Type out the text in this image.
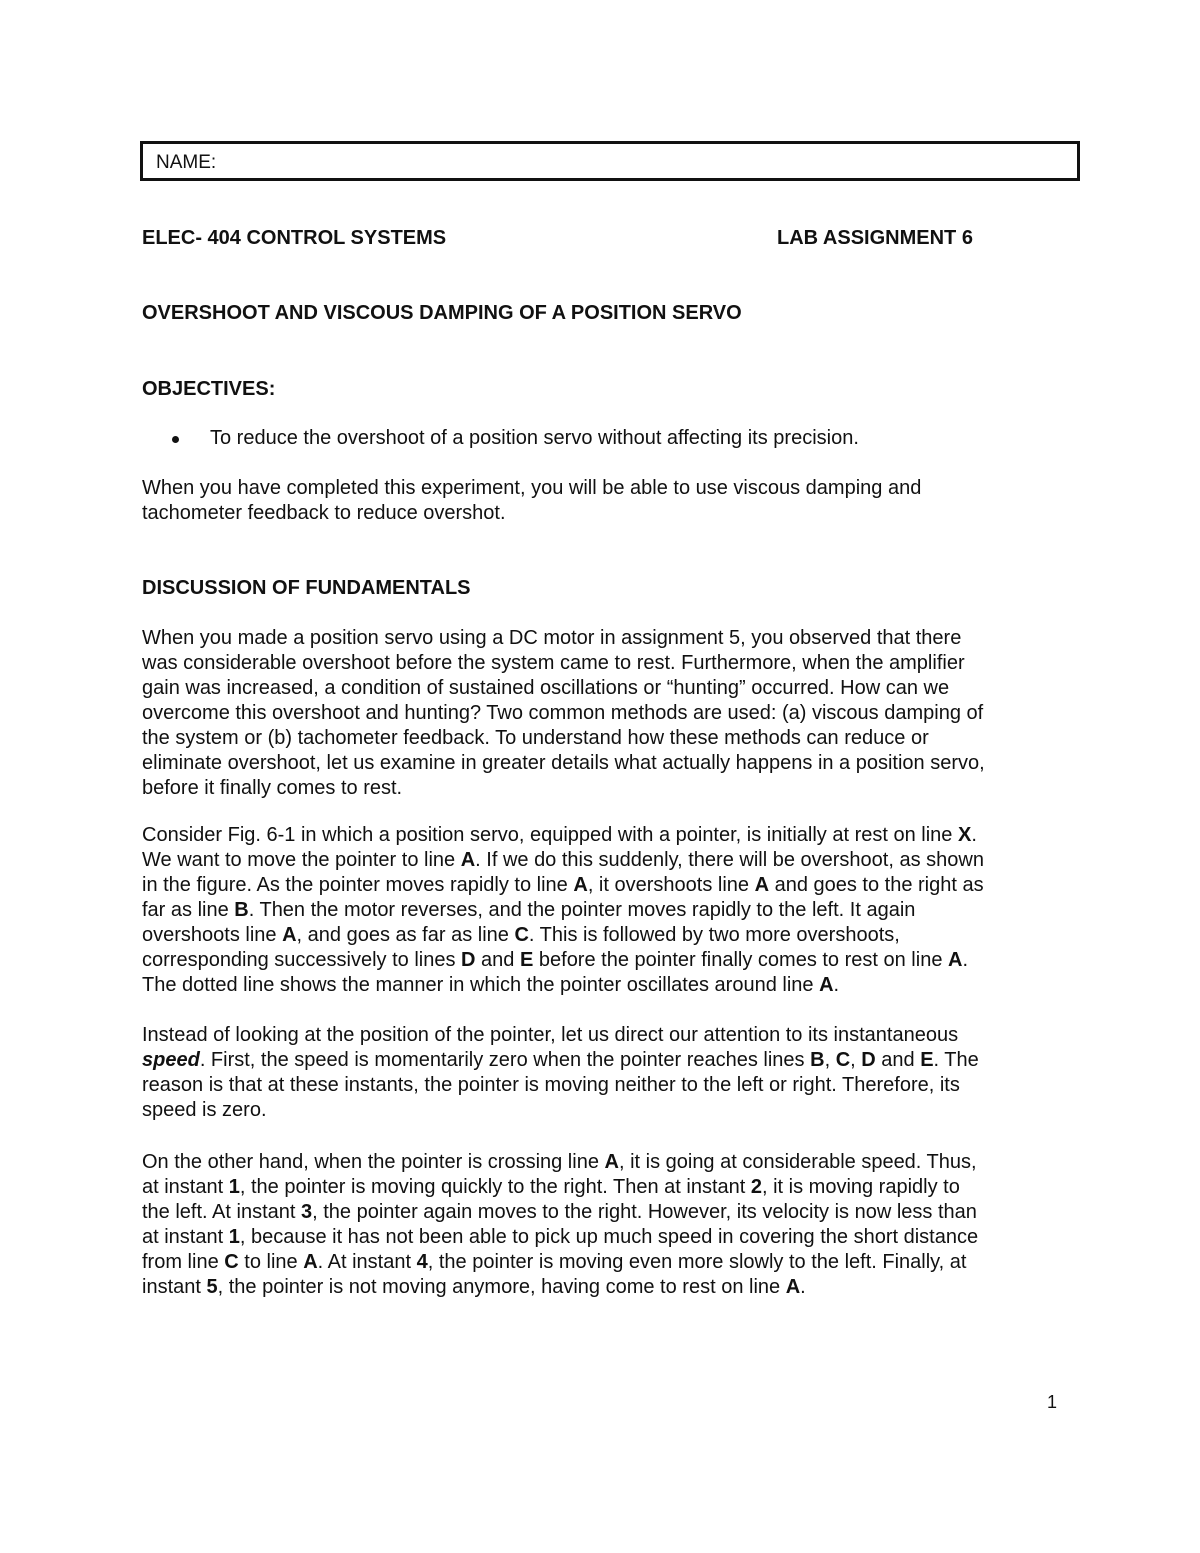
NAME:
ELEC- 404 CONTROL SYSTEMS	LAB ASSIGNMENT 6
OVERSHOOT AND VISCOUS DAMPING OF A POSITION SERVO
OBJECTIVES:
To reduce the overshoot of a position servo without affecting its precision.
When you have completed this experiment, you will be able to use viscous damping and
tachometer feedback to reduce overshot.
DISCUSSION OF FUNDAMENTALS
When you made a position servo using a DC motor in assignment 5, you observed that there
was considerable overshoot before the system came to rest. Furthermore, when the amplifier
gain was increased, a condition of sustained oscillations or “hunting” occurred. How can we
overcome this overshoot and hunting? Two common methods are used: (a) viscous damping of
the system or (b) tachometer feedback. To understand how these methods can reduce or
eliminate overshoot, let us examine in greater details what actually happens in a position servo,
before it finally comes to rest.
Consider Fig. 6-1 in which a position servo, equipped with a pointer, is initially at rest on line X.
We want to move the pointer to line A. If we do this suddenly, there will be overshoot, as shown
in the figure. As the pointer moves rapidly to line A, it overshoots line A and goes to the right as
far as line B. Then the motor reverses, and the pointer moves rapidly to the left. It again
overshoots line A, and goes as far as line C. This is followed by two more overshoots,
corresponding successively to lines D and E before the pointer finally comes to rest on line A.
The dotted line shows the manner in which the pointer oscillates around line A.
Instead of looking at the position of the pointer, let us direct our attention to its instantaneous
speed. First, the speed is momentarily zero when the pointer reaches lines B, C, D and E. The
reason is that at these instants, the pointer is moving neither to the left or right. Therefore, its
speed is zero.
On the other hand, when the pointer is crossing line A, it is going at considerable speed. Thus,
at instant 1, the pointer is moving quickly to the right. Then at instant 2, it is moving rapidly to
the left. At instant 3, the pointer again moves to the right. However, its velocity is now less than
at instant 1, because it has not been able to pick up much speed in covering the short distance
from line C to line A. At instant 4, the pointer is moving even more slowly to the left. Finally, at
instant 5, the pointer is not moving anymore, having come to rest on line A.
1
